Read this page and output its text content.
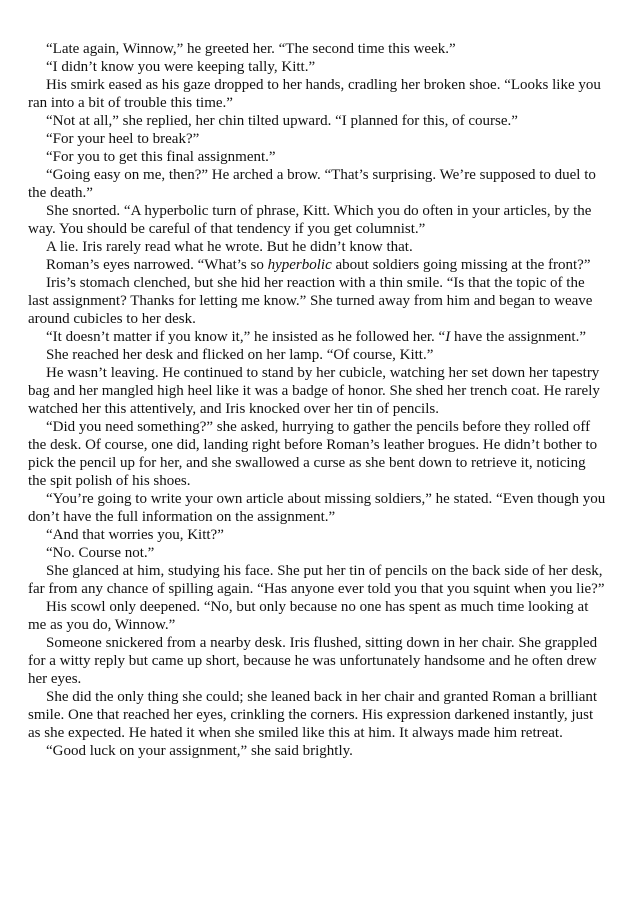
“Late again, Winnow,” he greeted her. “The second time this week.”

“I didn’t know you were keeping tally, Kitt.”

His smirk eased as his gaze dropped to her hands, cradling her broken shoe. “Looks like you ran into a bit of trouble this time.”

“Not at all,” she replied, her chin tilted upward. “I planned for this, of course.”

“For your heel to break?”

“For you to get this final assignment.”

“Going easy on me, then?” He arched a brow. “That’s surprising. We’re supposed to duel to the death.”

She snorted. “A hyperbolic turn of phrase, Kitt. Which you do often in your articles, by the way. You should be careful of that tendency if you get columnist.”

A lie. Iris rarely read what he wrote. But he didn’t know that.

Roman’s eyes narrowed. “What’s so hyperbolic about soldiers going missing at the front?”

Iris’s stomach clenched, but she hid her reaction with a thin smile. “Is that the topic of the last assignment? Thanks for letting me know.” She turned away from him and began to weave around cubicles to her desk.

“It doesn’t matter if you know it,” he insisted as he followed her. “I have the assignment.”

She reached her desk and flicked on her lamp. “Of course, Kitt.”

He wasn’t leaving. He continued to stand by her cubicle, watching her set down her tapestry bag and her mangled high heel like it was a badge of honor. She shed her trench coat. He rarely watched her this attentively, and Iris knocked over her tin of pencils.

“Did you need something?” she asked, hurrying to gather the pencils before they rolled off the desk. Of course, one did, landing right before Roman’s leather brogues. He didn’t bother to pick the pencil up for her, and she swallowed a curse as she bent down to retrieve it, noticing the spit polish of his shoes.

“You’re going to write your own article about missing soldiers,” he stated. “Even though you don’t have the full information on the assignment.”

“And that worries you, Kitt?”

“No. Course not.”

She glanced at him, studying his face. She put her tin of pencils on the back side of her desk, far from any chance of spilling again. “Has anyone ever told you that you squint when you lie?”

His scowl only deepened. “No, but only because no one has spent as much time looking at me as you do, Winnow.”

Someone snickered from a nearby desk. Iris flushed, sitting down in her chair. She grappled for a witty reply but came up short, because he was unfortunately handsome and he often drew her eyes.

She did the only thing she could; she leaned back in her chair and granted Roman a brilliant smile. One that reached her eyes, crinkling the corners. His expression darkened instantly, just as she expected. He hated it when she smiled like this at him. It always made him retreat.

“Good luck on your assignment,” she said brightly.
